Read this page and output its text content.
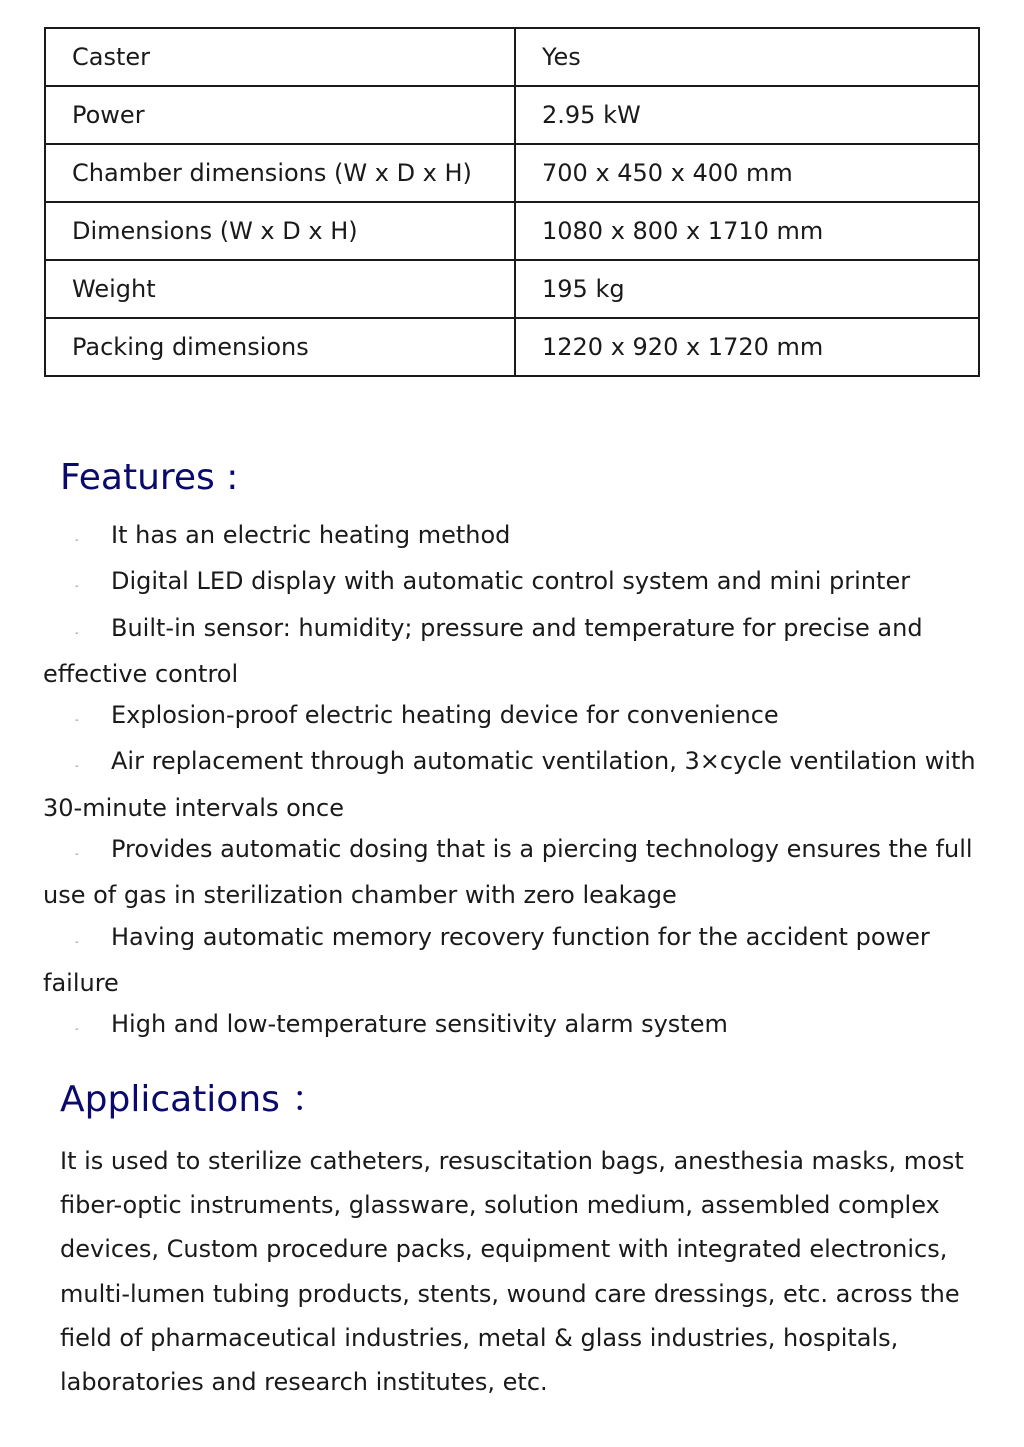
Caster	Yes
Power	2.95 kW
Chamber dimensions (W x D x H)	700 x 450 x 400 mm
Dimensions (W x D x H)	1080 x 800 x 1710 mm
Weight	195 kg
Packing dimensions	1220 x 920 x 1720 mm
Features :

- It has an electric heating method

- Digital LED display with automatic control system and mini printer

- Built-in sensor: humidity; pressure and temperature for precise and effective control

- Explosion-proof electric heating device for convenience

- Air replacement through automatic ventilation, 3×cycle ventilation with 30-minute intervals once

- Provides automatic dosing that is a piercing technology ensures the full use of gas in sterilization chamber with zero leakage

- Having automatic memory recovery function for the accident power failure

- High and low-temperature sensitivity alarm system

Applications ：

It is used to sterilize catheters, resuscitation bags, anesthesia masks, most fiber-optic instruments, glassware, solution medium, assembled complex devices, Custom procedure packs, equipment with integrated electronics, multi-lumen tubing products, stents, wound care dressings, etc. across the field of pharmaceutical industries, metal & glass industries, hospitals, laboratories and research institutes, etc.
